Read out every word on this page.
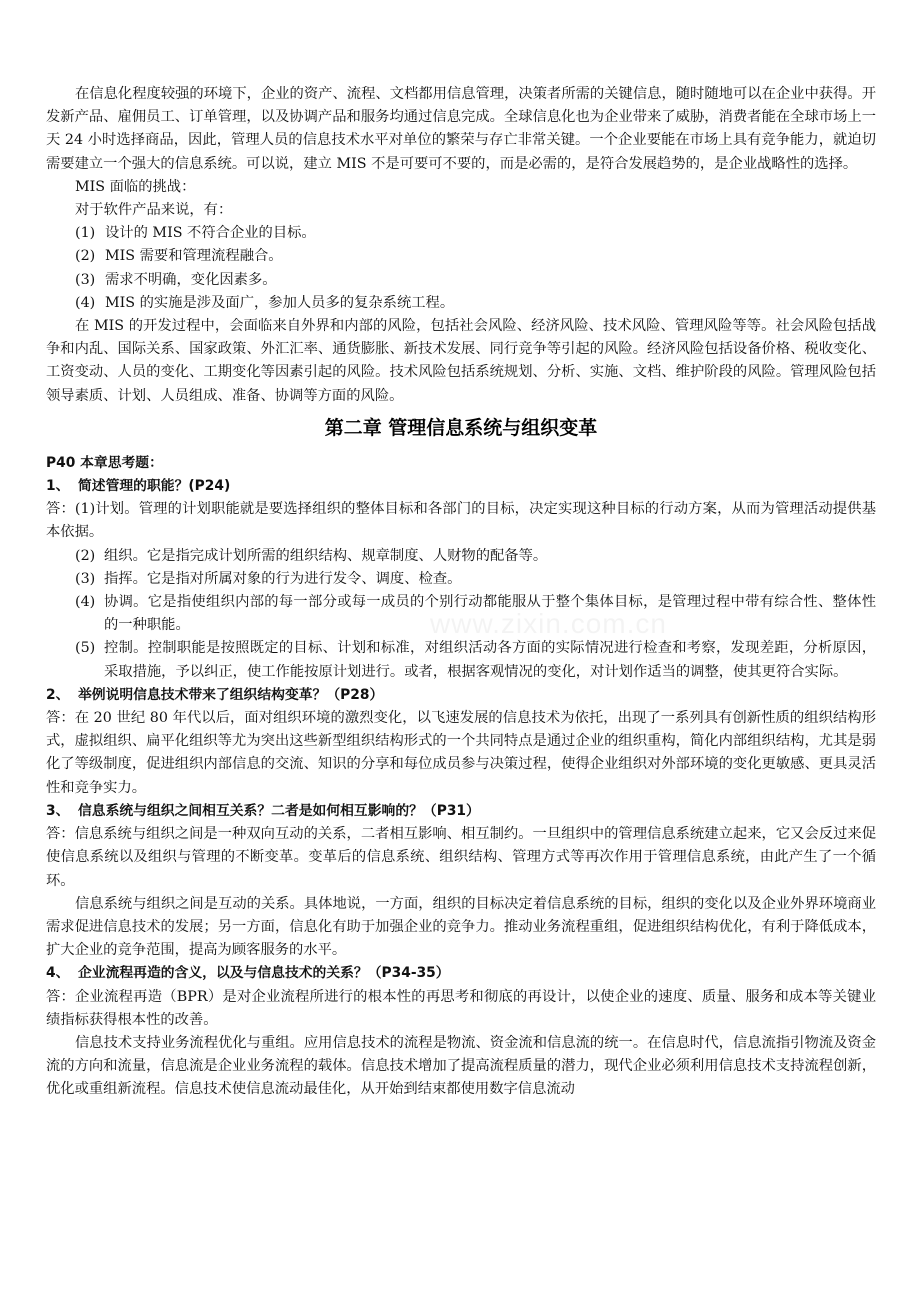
在信息化程度较强的环境下，企业的资产、流程、文档都用信息管理，决策者所需的关键信息，随时随地可以在企业中获得。开发新产品、雇佣员工、订单管理，以及协调产品和服务均通过信息完成。全球信息化也为企业带来了威胁，消费者能在全球市场上一天 24 小时选择商品，因此，管理人员的信息技术水平对单位的繁荣与存亡非常关键。一个企业要能在市场上具有竞争能力，就迫切需要建立一个强大的信息系统。可以说，建立 MIS 不是可要可不要的，而是必需的，是符合发展趋势的，是企业战略性的选择。

MIS 面临的挑战：

对于软件产品来说，有：

(1) 设计的 MIS 不符合企业的目标。
(2) MIS 需要和管理流程融合。
(3) 需求不明确，变化因素多。
(4) MIS 的实施是涉及面广，参加人员多的复杂系统工程。

在 MIS 的开发过程中，会面临来自外界和内部的风险，包括社会风险、经济风险、技术风险、管理风险等等。社会风险包括战争和内乱、国际关系、国家政策、外汇汇率、通货膨胀、新技术发展、同行竞争等引起的风险。经济风险包括设备价格、税收变化、工资变动、人员的变化、工期变化等因素引起的风险。技术风险包括系统规划、分析、实施、文档、维护阶段的风险。管理风险包括领导素质、计划、人员组成、准备、协调等方面的风险。

第二章 管理信息系统与组织变革

P40 本章思考题：

1、 简述管理的职能？(P24)

答：(1)计划。管理的计划职能就是要选择组织的整体目标和各部门的目标，决定实现这种目标的行动方案，从而为管理活动提供基本依据。

(2) 组织。它是指完成计划所需的组织结构、规章制度、人财物的配备等。
(3) 指挥。它是指对所属对象的行为进行发令、调度、检查。
(4) 协调。它是指使组织内部的每一部分或每一成员的个别行动都能服从于整个集体目标，是管理过程中带有综合性、整体性的一种职能。
(5) 控制。控制职能是按照既定的目标、计划和标准，对组织活动各方面的实际情况进行检查和考察，发现差距，分析原因，采取措施，予以纠正，使工作能按原计划进行。或者，根据客观情况的变化，对计划作适当的调整，使其更符合实际。

2、 举例说明信息技术带来了组织结构变革？（P28）

答：在 20 世纪 80 年代以后，面对组织环境的激烈变化，以飞速发展的信息技术为依托，出现了一系列具有创新性质的组织结构形式，虚拟组织、扁平化组织等尤为突出这些新型组织结构形式的一个共同特点是通过企业的组织重构，简化内部组织结构，尤其是弱化了等级制度，促进组织内部信息的交流、知识的分享和每位成员参与决策过程，使得企业组织对外部环境的变化更敏感、更具灵活性和竞争实力。

3、 信息系统与组织之间相互关系？二者是如何相互影响的？（P31）

答：信息系统与组织之间是一种双向互动的关系，二者相互影响、相互制约。一旦组织中的管理信息系统建立起来，它又会反过来促使信息系统以及组织与管理的不断变革。变革后的信息系统、组织结构、管理方式等再次作用于管理信息系统，由此产生了一个循环。

信息系统与组织之间是互动的关系。具体地说，一方面，组织的目标决定着信息系统的目标，组织的变化以及企业外界环境商业需求促进信息技术的发展；另一方面，信息化有助于加强企业的竞争力。推动业务流程重组，促进组织结构优化，有利于降低成本，扩大企业的竞争范围，提高为顾客服务的水平。

4、 企业流程再造的含义，以及与信息技术的关系？（P34-35）

答：企业流程再造（BPR）是对企业流程所进行的根本性的再思考和彻底的再设计，以使企业的速度、质量、服务和成本等关键业绩指标获得根本性的改善。

信息技术支持业务流程优化与重组。应用信息技术的流程是物流、资金流和信息流的统一。在信息时代，信息流指引物流及资金流的方向和流量，信息流是企业业务流程的载体。信息技术增加了提高流程质量的潜力，现代企业必须利用信息技术支持流程创新，优化或重组新流程。信息技术使信息流动最佳化，从开始到结束都使用数字信息流动
